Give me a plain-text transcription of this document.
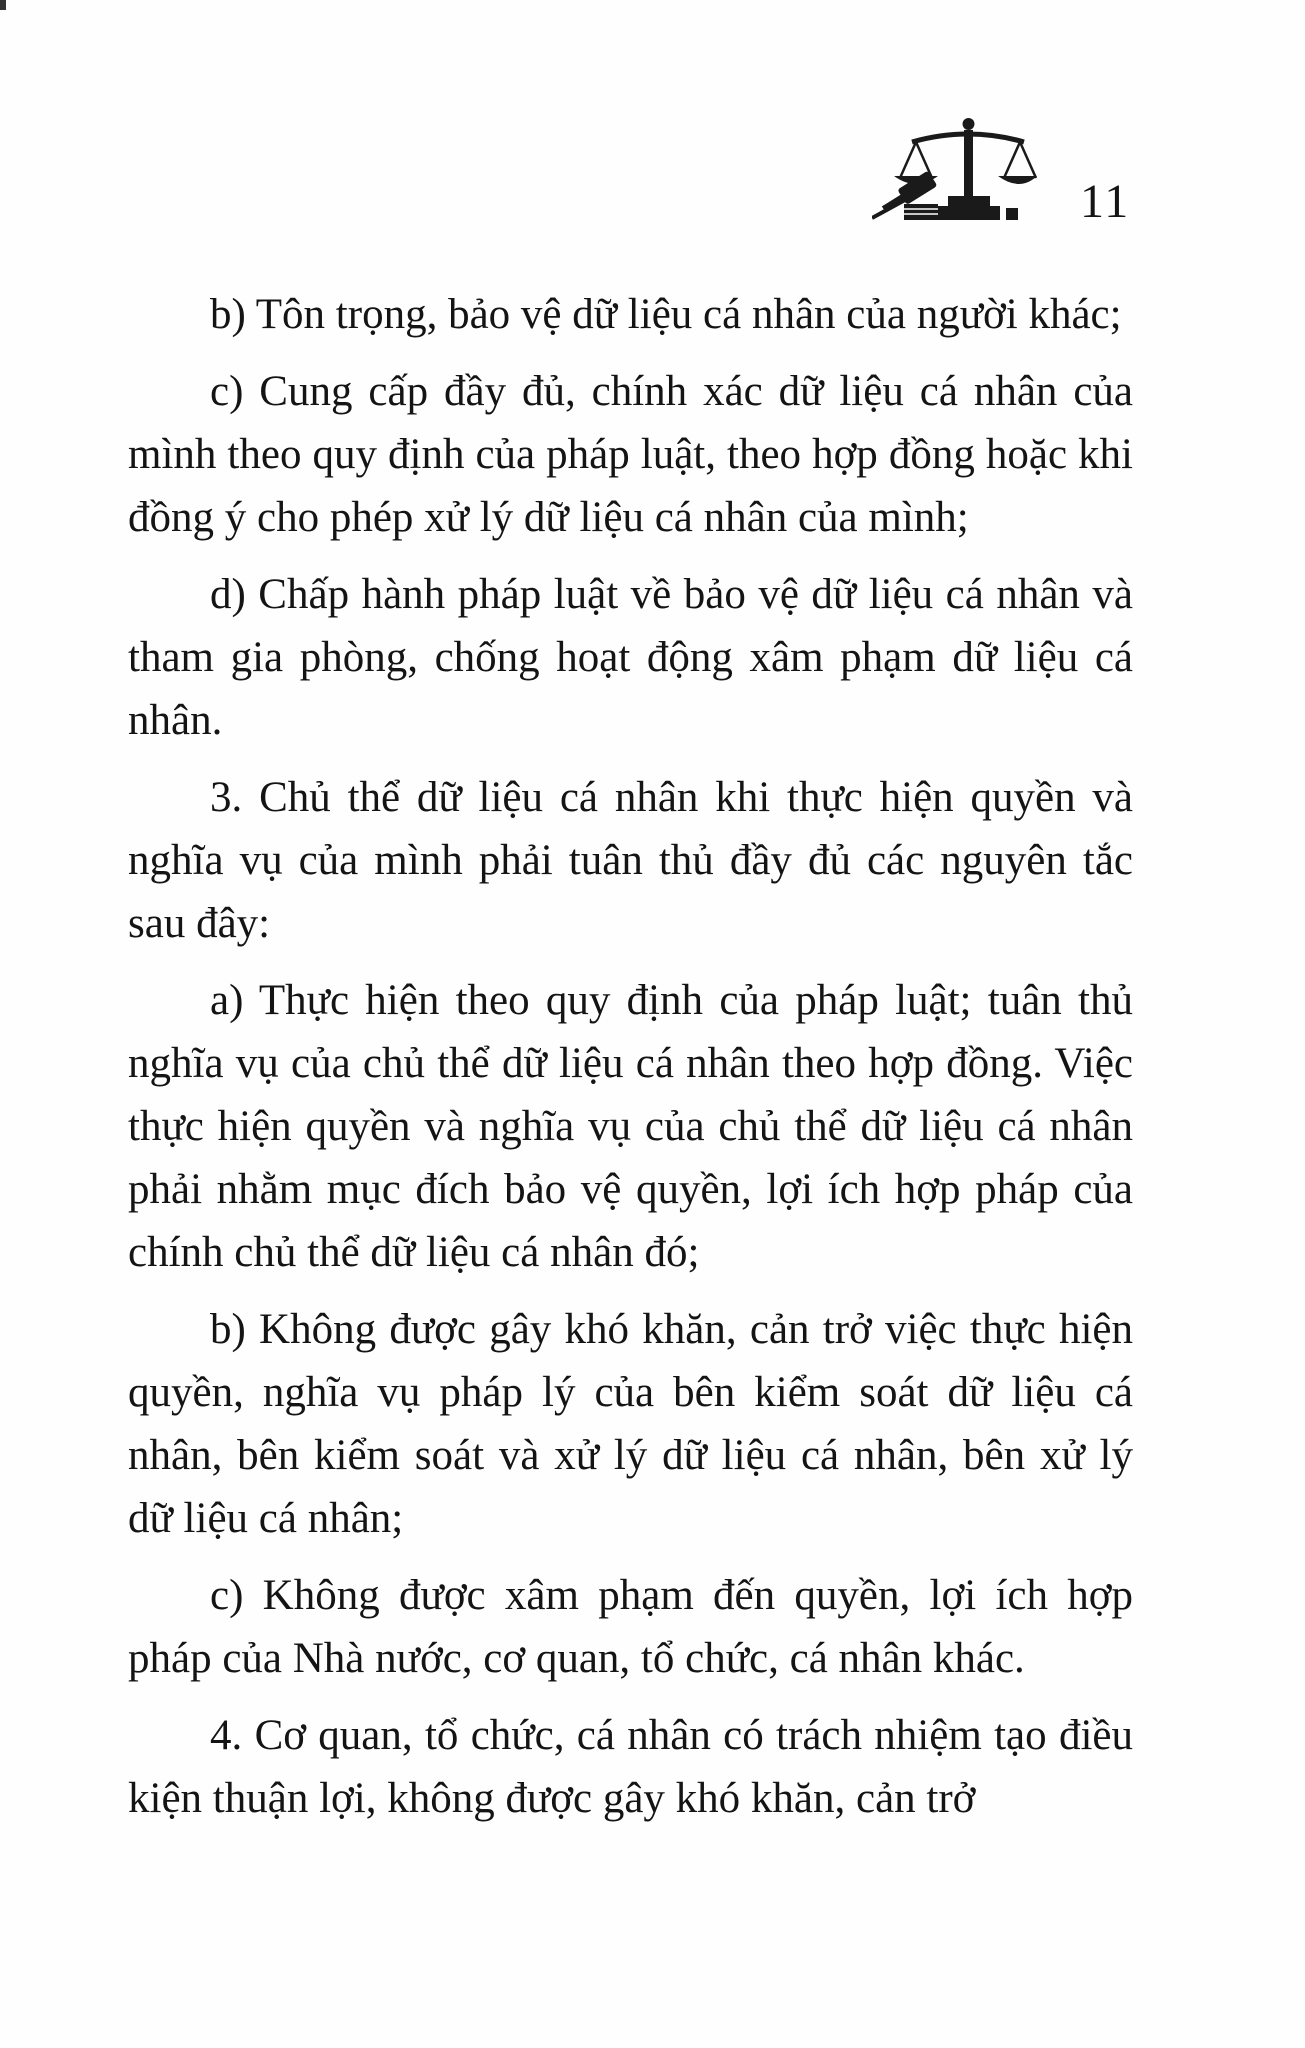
11

b) Tôn trọng, bảo vệ dữ liệu cá nhân của người khác;

c) Cung cấp đầy đủ, chính xác dữ liệu cá nhân của mình theo quy định của pháp luật, theo hợp đồng hoặc khi đồng ý cho phép xử lý dữ liệu cá nhân của mình;

d) Chấp hành pháp luật về bảo vệ dữ liệu cá nhân và tham gia phòng, chống hoạt động xâm phạm dữ liệu cá nhân.

3. Chủ thể dữ liệu cá nhân khi thực hiện quyền và nghĩa vụ của mình phải tuân thủ đầy đủ các nguyên tắc sau đây:

a) Thực hiện theo quy định của pháp luật; tuân thủ nghĩa vụ của chủ thể dữ liệu cá nhân theo hợp đồng. Việc thực hiện quyền và nghĩa vụ của chủ thể dữ liệu cá nhân phải nhằm mục đích bảo vệ quyền, lợi ích hợp pháp của chính chủ thể dữ liệu cá nhân đó;

b) Không được gây khó khăn, cản trở việc thực hiện quyền, nghĩa vụ pháp lý của bên kiểm soát dữ liệu cá nhân, bên kiểm soát và xử lý dữ liệu cá nhân, bên xử lý dữ liệu cá nhân;

c) Không được xâm phạm đến quyền, lợi ích hợp pháp của Nhà nước, cơ quan, tổ chức, cá nhân khác.

4. Cơ quan, tổ chức, cá nhân có trách nhiệm tạo điều kiện thuận lợi, không được gây khó khăn, cản trở
